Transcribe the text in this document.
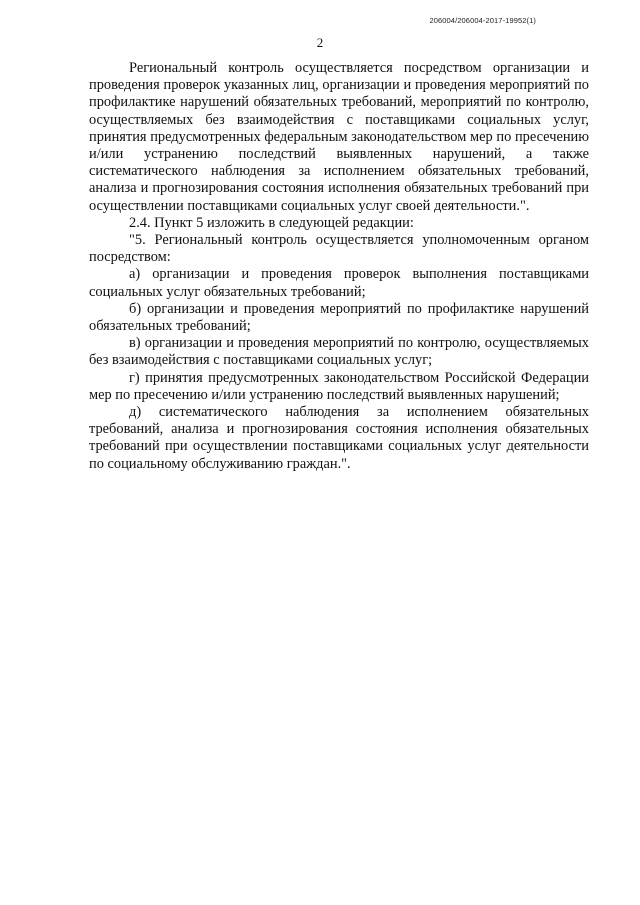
206004/206004-2017-19952(1)
2

Региональный контроль осуществляется посредством организации и проведения проверок указанных лиц, организации и проведения мероприятий по профилактике нарушений обязательных требований, мероприятий по контролю, осуществляемых без взаимодействия с поставщиками социальных услуг, принятия предусмотренных федеральным законодательством мер по пресечению и/или устранению последствий выявленных нарушений, а также систематического наблюдения за исполнением обязательных требований, анализа и прогнозирования состояния исполнения обязательных требований при осуществлении поставщиками социальных услуг своей деятельности.".

2.4. Пункт 5 изложить в следующей редакции:

"5. Региональный контроль осуществляется уполномоченным органом посредством:

а) организации и проведения проверок выполнения поставщиками социальных услуг обязательных требований;

б) организации и проведения мероприятий по профилактике нарушений обязательных требований;

в) организации и проведения мероприятий по контролю, осуществляемых без взаимодействия с поставщиками социальных услуг;

г) принятия предусмотренных законодательством Российской Федерации мер по пресечению и/или устранению последствий выявленных нарушений;

д) систематического наблюдения за исполнением обязательных требований, анализа и прогнозирования состояния исполнения обязательных требований при осуществлении поставщиками социальных услуг деятельности по социальному обслуживанию граждан.".
